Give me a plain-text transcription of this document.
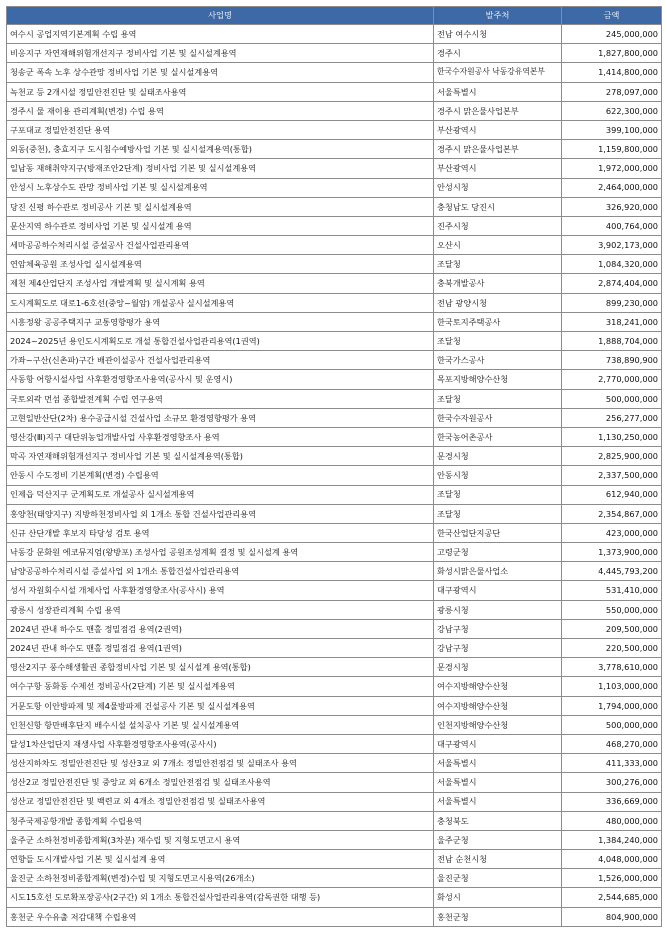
사업명	발주처	금액
여수시 공업지역기본계획 수립 용역	전남 여수시청	245,000,000
비응지구 자연재해위험개선지구 정비사업 기본 및 실시설계용역	경주시	1,827,800,000
청송군 폭속 노후 상수관망 정비사업 기본 및 실시설계용역	한국수자원공사 낙동강유역본부	1,414,800,000
녹천교 등 2개시설 정밀안전진단 및 실태조사용역	서울특별시	278,097,000
경주시 물 재이용 관리계획(변경) 수립 용역	경주시 맑은물사업본부	622,300,000
구포대교 정밀안전진단 용역	부산광역시	399,100,000
외동(중천), 충효지구 도시침수예방사업 기본 및 실시설계용역(통합)	경주시 맑은물사업본부	1,159,800,000
일남동 재해취약지구(방재조안2단계) 정비사업 기본 및 실시설계용역	부산광역시	1,972,000,000
안성시 노후상수도 관망 정비사업 기본 및 실시설계용역	안성시청	2,464,000,000
당진 신평 하수관로 정비공사 기본 및 실시설계용역	충청남도 당진시	326,920,000
문산지역 하수관로 정비사업 기본 및 실시설계 용역	진주시청	400,764,000
세마공공하수처리시설 증설공사 건설사업관리용역	오산시	3,902,173,000
연암체육공원 조성사업 실시설계용역	조달청	1,084,320,000
제천 제4산업단지 조성사업 개발계획 및 실시계획 용역	충북개발공사	2,874,404,000
도시계획도로 대로1-6호선(중앙~월암) 개설공사 실시설계용역	전남 광양시청	899,230,000
시흥정왕 공공주택지구 교통영향평가 용역	한국토지주택공사	318,241,000
2024~2025년 용인도시계획도로 개설 통합건설사업관리용역(1권역)	조달청	1,888,704,000
가좌~구산(신촌파)구간 배관이설공사 건설사업관리용역	한국가스공사	738,890,900
사동항 어항시설사업 사후환경영향조사용역(공사시 및 운영시)	목포지방해양수산청	2,770,000,000
국토외곽 먼섬 종합발전계획 수립 연구용역	조달청	500,000,000
고현일반산단(2차) 용수공급시설 건설사업 소규모 환경영향평가 용역	한국수자원공사	256,277,000
영산강(Ⅲ)지구 대단위농업개발사업 사후환경영향조사 용역	한국농어촌공사	1,130,250,000
막곡 자연재해위험개선지구 정비사업 기본 및 실시설계용역(통합)	문경시청	2,825,900,000
안동시 수도정비 기본계획(변경) 수립용역	안동시청	2,337,500,000
인제읍 덕산지구 군계획도로 개설공사 실시설계용역	조달청	612,940,000
홍양천(태양지구) 지방하천정비사업 외 1개소 통합 건설사업관리용역	조달청	2,354,867,000
신규 산단개발 후보지 타당성 검토 용역	한국산업단지공단	423,000,000
낙동강 문화원 에코뮤지엄(왕방포) 조성사업 공원조성계획 결정 및 실시설계 용역	고령군청	1,373,900,000
남양공공하수처리시설 증설사업 외 1개소 통합건설사업관리용역	화성시맑은물사업소	4,445,793,200
성서 자원회수시설 개체사업 사후환경영향조사(공사시) 용역	대구광역시	531,410,000
광릉시 성장관리계획 수립 용역	광릉시청	550,000,000
2024년 관내 하수도 맨홀 정밀점검 용역(2권역)	강남구청	209,500,000
2024년 관내 하수도 맨홀 정밀점검 용역(1권역)	강남구청	220,500,000
영산2지구 풍수해생활권 종합정비사업 기본 및 실시설계 용역(통합)	문경시청	3,778,610,000
여수구항 동화동 수제선 정비공사(2단계) 기본 및 실시설계용역	여수지방해양수산청	1,103,000,000
거문도항 이안방파제 및 제4물방파제 건설공사 기본 및 실시설계용역	여수지방해양수산청	1,794,000,000
인천신항 항만배후단지 배수시설 설치공사 기본 및 실시설계용역	인천지방해양수산청	500,000,000
달성1차산업단지 재생사업 사후환경영향조사용역(공사시)	대구광역시	468,270,000
성산지하차도 정밀안전진단 및 성산3교 외 7개소 정밀안전점검 및 실태조사 용역	서울특별시	411,333,000
성산2교 정밀안전진단 및 중앙교 외 6개소 정밀안전점검 및 실태조사용역	서울특별시	300,276,000
성산교 정밀안전진단 및 백련교 외 4개소 정밀안전점검 및 실태조사용역	서울특별시	336,669,000
청주국제공항개발 종합계획 수립용역	충청북도	480,000,000
울주군 소하천정비종합계획(3차분) 재수립 및 지형도면고시 용역	울주군청	1,384,240,000
연향들 도시개발사업 기본 및 실시설계 용역	전남 순천시청	4,048,000,000
울진군 소하천정비종합계획(변경)수립 및 지형도면고시용역(26개소)	울진군청	1,526,000,000
시도15호선 도로확포장공사(2구간) 외 1개소 통합건설사업관리용역(감독권한 대행 등)	화성시	2,544,685,000
홍천군 우수유출 저감대책 수립용역	홍천군청	804,900,000
